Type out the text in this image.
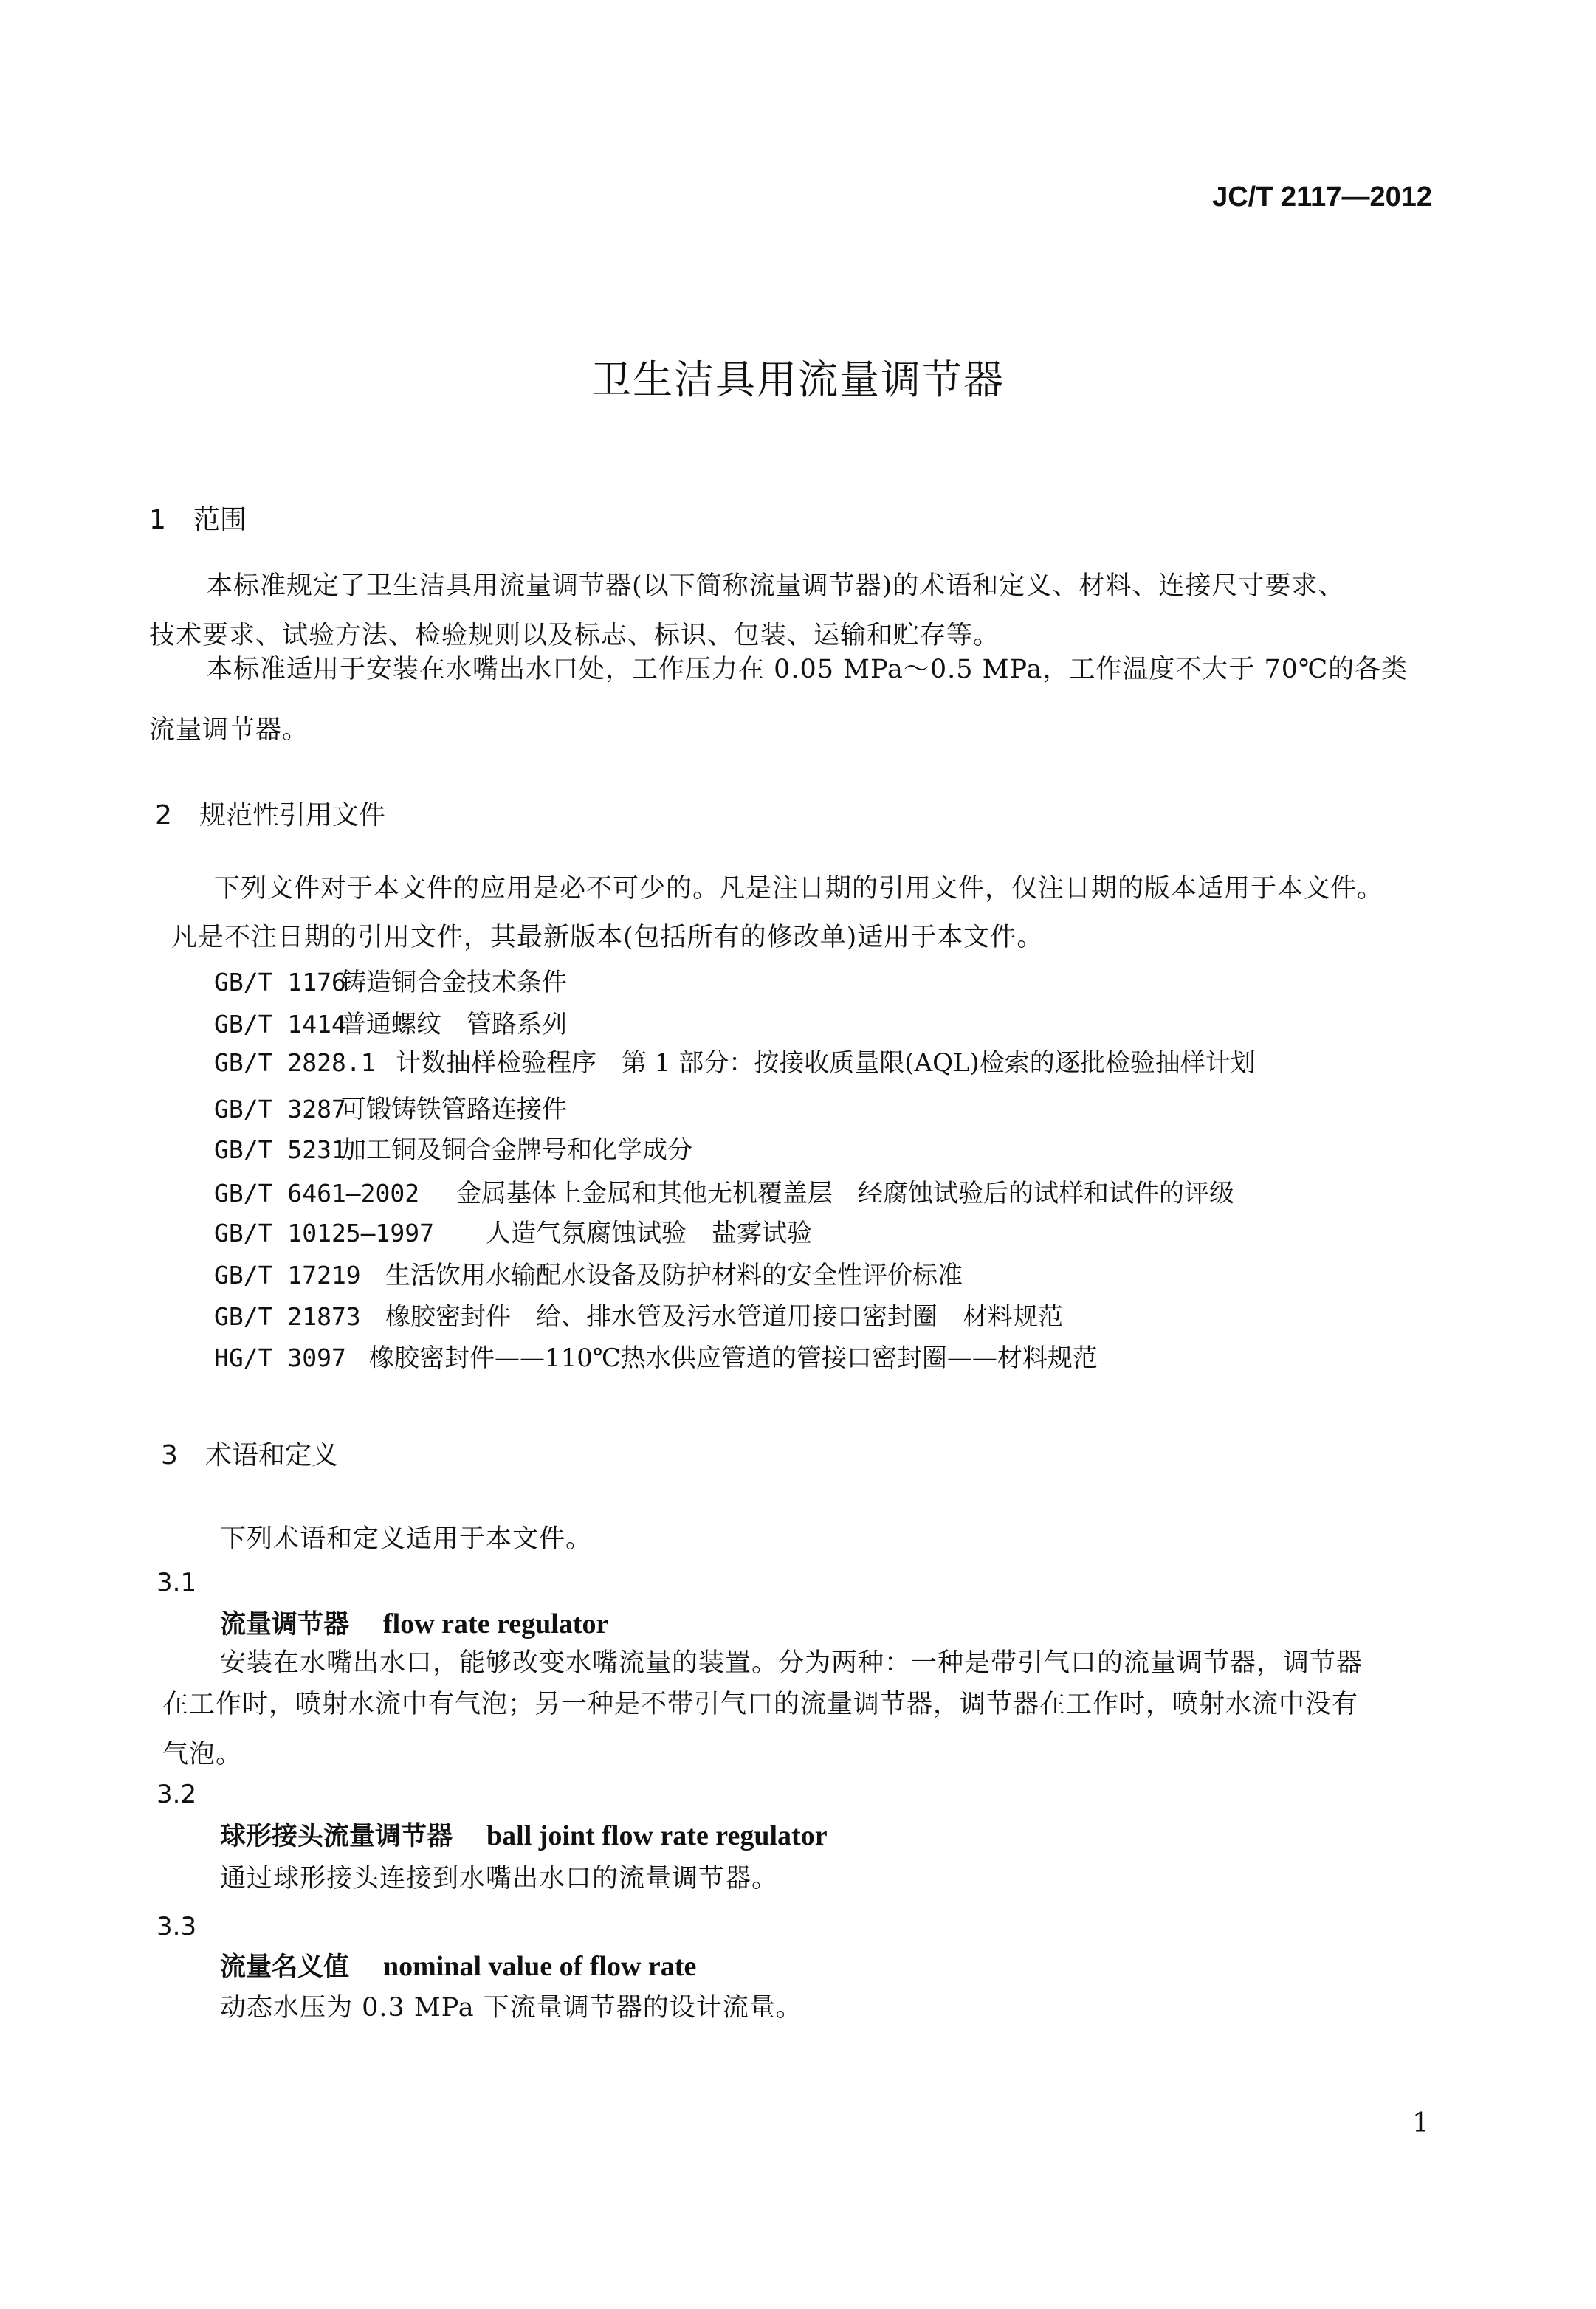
JC/T 2117—2012
卫生洁具用流量调节器
1 范围
本标准规定了卫生洁具用流量调节器(以下简称流量调节器)的术语和定义、材料、连接尺寸要求、
技术要求、试验方法、检验规则以及标志、标识、包装、运输和贮存等。
本标准适用于安装在水嘴出水口处，工作压力在 0.05 MPa～0.5 MPa，工作温度不大于 70℃的各类
流量调节器。
2 规范性引用文件
下列文件对于本文件的应用是必不可少的。凡是注日期的引用文件，仅注日期的版本适用于本文件。
凡是不注日期的引用文件，其最新版本(包括所有的修改单)适用于本文件。
GB/T 1176铸造铜合金技术条件
GB/T 1414普通螺纹　管路系列
GB/T 2828.1 计数抽样检验程序　第 1 部分：按接收质量限(AQL)检索的逐批检验抽样计划
GB/T 3287可锻铸铁管路连接件
GB/T 5231加工铜及铜合金牌号和化学成分
GB/T 6461—2002 金属基体上金属和其他无机覆盖层　经腐蚀试验后的试样和试件的评级
GB/T 10125—1997 人造气氛腐蚀试验　盐雾试验
GB/T 17219 生活饮用水输配水设备及防护材料的安全性评价标准
GB/T 21873 橡胶密封件　给、排水管及污水管道用接口密封圈　材料规范
HG/T 3097 橡胶密封件——110℃热水供应管道的管接口密封圈——材料规范
3 术语和定义
下列术语和定义适用于本文件。
3.1
流量调节器 flow rate regulator
安装在水嘴出水口，能够改变水嘴流量的装置。分为两种：一种是带引气口的流量调节器，调节器
在工作时，喷射水流中有气泡；另一种是不带引气口的流量调节器，调节器在工作时，喷射水流中没有
气泡。
3.2
球形接头流量调节器 ball joint flow rate regulator
通过球形接头连接到水嘴出水口的流量调节器。
3.3
流量名义值 nominal value of flow rate
动态水压为 0.3 MPa 下流量调节器的设计流量。
1
